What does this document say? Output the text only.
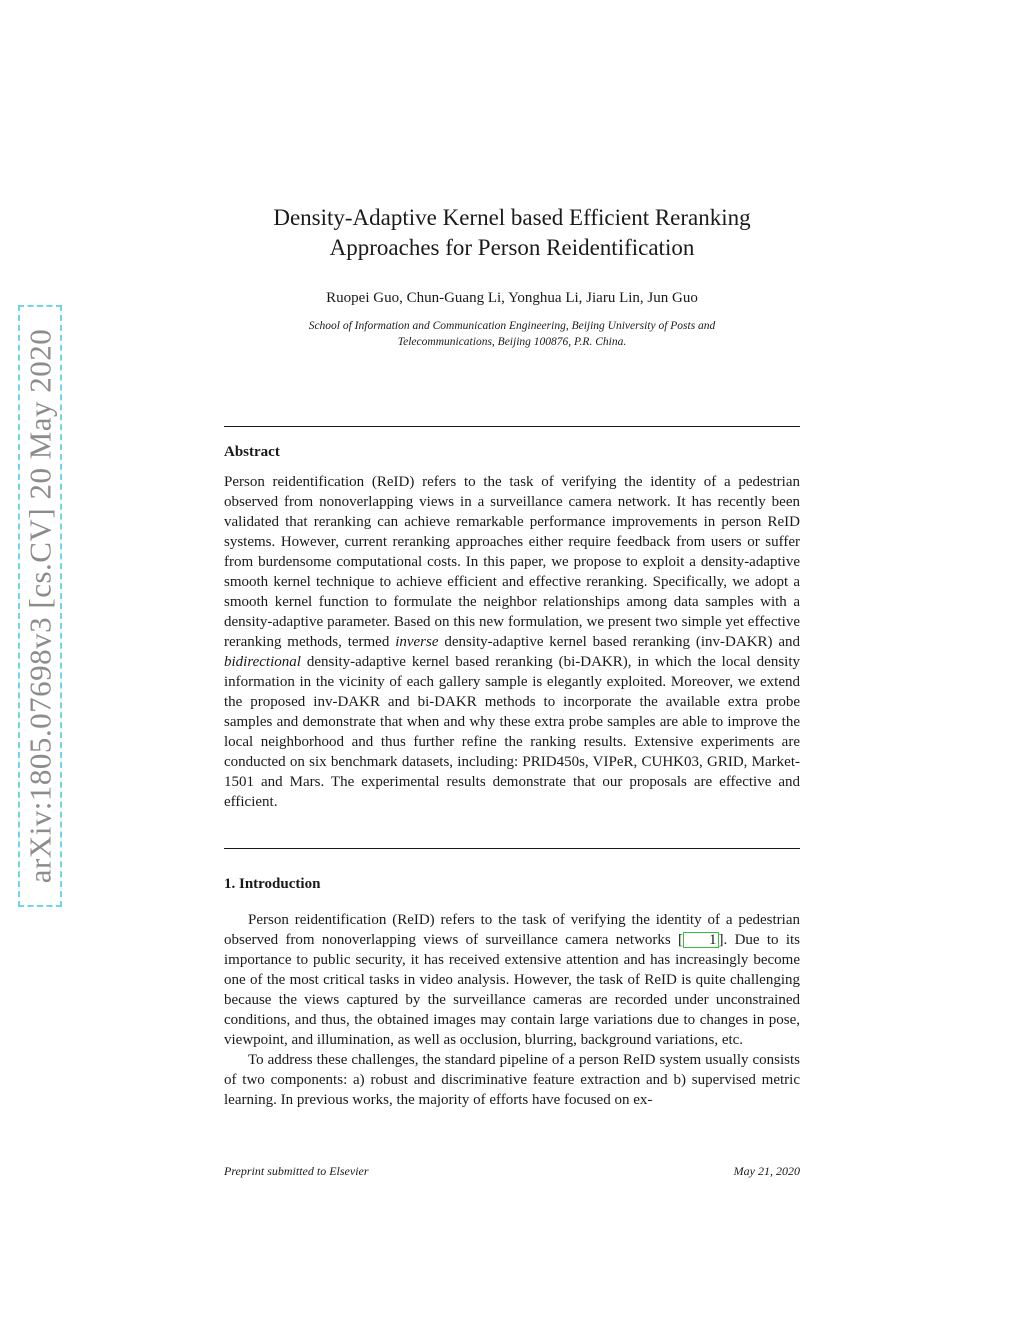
arXiv:1805.07698v3 [cs.CV] 20 May 2020
Density-Adaptive Kernel based Efficient Reranking
Approaches for Person Reidentification

Ruopei Guo, Chun-Guang Li, Yonghua Li, Jiaru Lin, Jun Guo

School of Information and Communication Engineering, Beijing University of Posts and
Telecommunications, Beijing 100876, P.R. China.

Abstract

Person reidentification (ReID) refers to the task of verifying the identity of a pedestrian observed from nonoverlapping views in a surveillance camera network. It has recently been validated that reranking can achieve remarkable performance improvements in person ReID systems. However, current reranking approaches either require feedback from users or suffer from burdensome computational costs. In this paper, we propose to exploit a density-adaptive smooth kernel technique to achieve efficient and effective reranking. Specifically, we adopt a smooth kernel function to formulate the neighbor relationships among data samples with a density-adaptive parameter. Based on this new formulation, we present two simple yet effective reranking methods, termed inverse density-adaptive kernel based reranking (inv-DAKR) and bidirectional density-adaptive kernel based reranking (bi-DAKR), in which the local density information in the vicinity of each gallery sample is elegantly exploited. Moreover, we extend the proposed inv-DAKR and bi-DAKR methods to incorporate the available extra probe samples and demonstrate that when and why these extra probe samples are able to improve the local neighborhood and thus further refine the ranking results. Extensive experiments are conducted on six benchmark datasets, including: PRID450s, VIPeR, CUHK03, GRID, Market-1501 and Mars. The experimental results demonstrate that our proposals are effective and efficient.

1. Introduction

Person reidentification (ReID) refers to the task of verifying the identity of a pedestrian observed from nonoverlapping views of surveillance camera networks [ 1 ]. Due to its importance to public security, it has received extensive attention and has increasingly become one of the most critical tasks in video analysis. However, the task of ReID is quite challenging because the views captured by the surveillance cameras are recorded under unconstrained conditions, and thus, the obtained images may contain large variations due to changes in pose, viewpoint, and illumination, as well as occlusion, blurring, background variations, etc.

To address these challenges, the standard pipeline of a person ReID system usually consists of two components: a) robust and discriminative feature extraction and b) supervised metric learning. In previous works, the majority of efforts have focused on ex-

Preprint submitted to Elsevier	May 21, 2020
